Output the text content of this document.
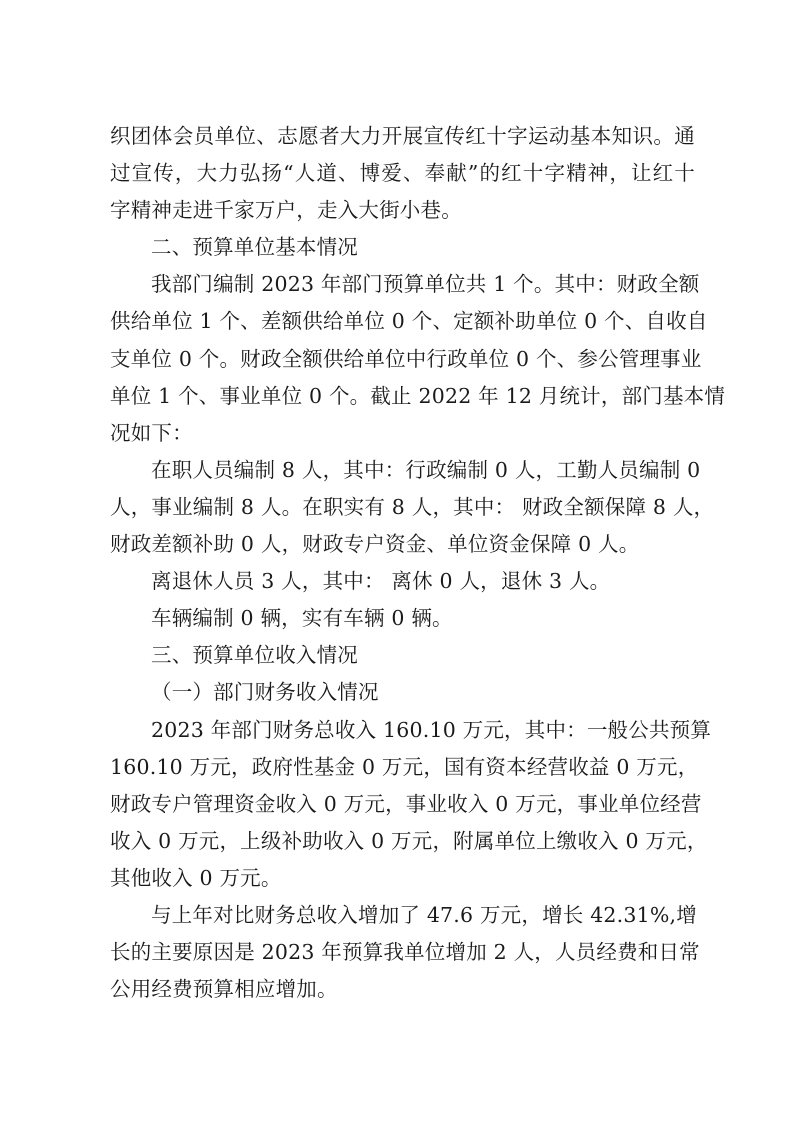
织团体会员单位、志愿者大力开展宣传红十字运动基本知识。通
过宣传，大力弘扬“人道、博爱、奉献”的红十字精神，让红十
字精神走进千家万户，走入大街小巷。
二、预算单位基本情况
我部门编制 2023 年部门预算单位共 1 个。其中：财政全额
供给单位 1 个、差额供给单位 0 个、定额补助单位 0 个、自收自
支单位 0 个。财政全额供给单位中行政单位 0 个、参公管理事业
单位 1 个、事业单位 0 个。截止 2022 年 12 月统计，部门基本情
况如下：
在职人员编制 8 人，其中：行政编制 0 人，工勤人员编制 0
人，事业编制 8 人。在职实有 8 人，其中： 财政全额保障 8 人，
财政差额补助 0 人，财政专户资金、单位资金保障 0 人。
离退休人员 3 人，其中： 离休 0 人，退休 3 人。
车辆编制 0 辆，实有车辆 0 辆。
三、预算单位收入情况
（一）部门财务收入情况
2023 年部门财务总收入 160.10 万元，其中：一般公共预算
160.10 万元，政府性基金 0 万元，国有资本经营收益 0 万元，
财政专户管理资金收入 0 万元，事业收入 0 万元，事业单位经营
收入 0 万元，上级补助收入 0 万元，附属单位上缴收入 0 万元，
其他收入 0 万元。
与上年对比财务总收入增加了 47.6 万元，增长 42.31%,增
长的主要原因是 2023 年预算我单位增加 2 人，人员经费和日常
公用经费预算相应增加。
